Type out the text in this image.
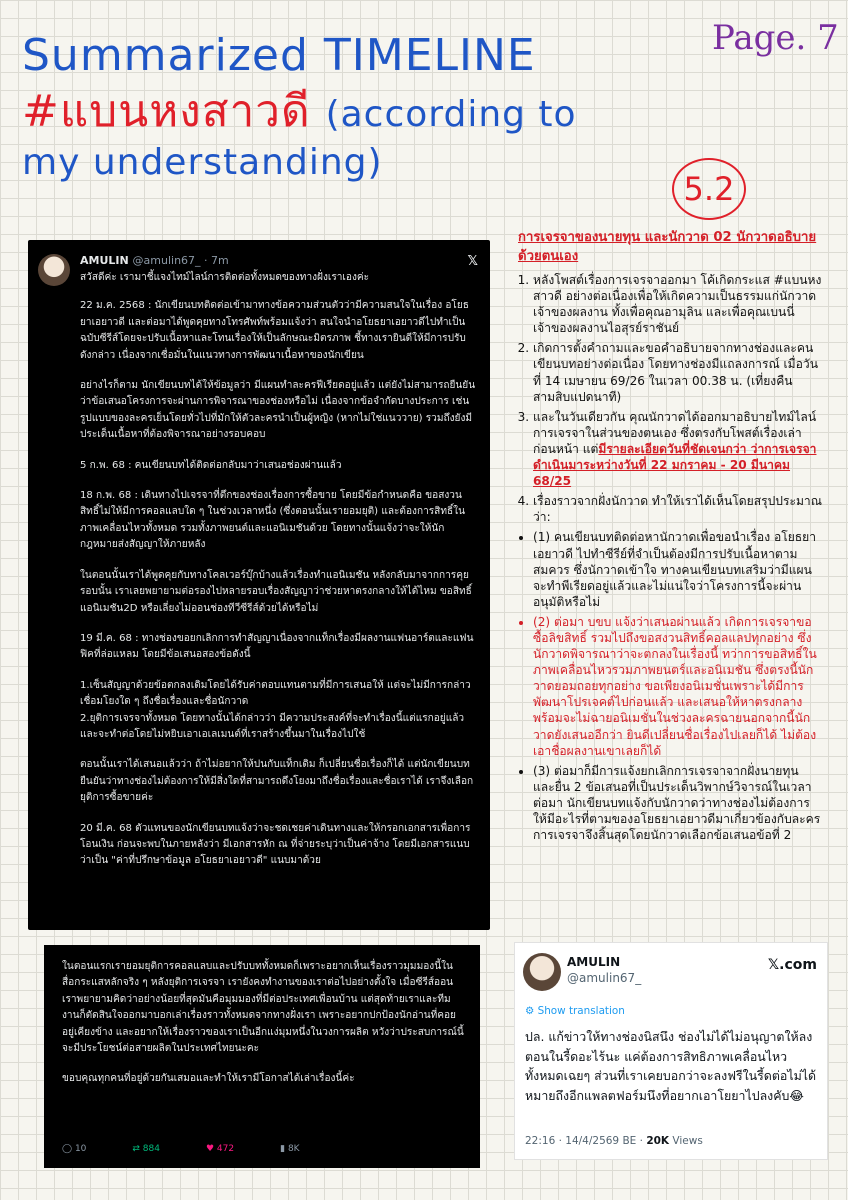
Summarized TIMELINE
#แบนหงสาวดี (according to
my understanding)
Page. 7
5.2
AMULIN @amulin67_ · 7m	𝕏

สวัสดีค่ะ เรามาชี้แจงไทม์ไลน์การติดต่อทั้งหมดของทางฝั่งเราเองค่ะ

22 ม.ค. 2568 : นักเขียนบทติดต่อเข้ามาทางข้อความส่วนตัวว่ามีความสนใจในเรื่อง อโยธยาเอยาวดี และต่อมาได้พูดคุยทางโทรศัพท์พร้อมแจ้งว่า สนใจนำอโยธยาเอยาวดีไปทำเป็นฉบับซีรีส์โดยจะปรับเนื้อหาและโทนเรื่องให้เป็นลักษณะมิตรภาพ ชี้ทางเรายินดีให้มีการปรับดังกล่าว เนื่องจากเชื่อมั่นในแนวทางการพัฒนาเนื้อหาของนักเขียน

อย่างไรก็ตาม นักเขียนบทได้ให้ข้อมูลว่า มีแผนทำละครฟีเรียดอยู่แล้ว แต่ยังไม่สามารถยืนยันว่าข้อเสนอโครงการจะผ่านการพิจารณาของช่องหรือไม่ เนื่องจากข้อจำกัดบางประการ เช่น รูปแบบของละครเย็นโดยทั่วไปที่มักให้ตัวละครนำเป็นผู้หญิง (หากไม่ใช่แนววาย) รวมถึงยังมีประเด็นเนื้อหาที่ต้องพิจารณาอย่างรอบคอบ

5 ก.พ. 68 : คนเขียนบทได้ติดต่อกลับมาว่าเสนอช่องผ่านแล้ว

18 ก.พ. 68 : เดินทางไปเจรจาที่ตึกของช่องเรื่องการซื้อขาย โดยมีข้อกำหนดคือ ขอสงวนสิทธิ์ไม่ให้มีการคอลแลบใด ๆ ในช่วงเวลาหนึ่ง (ซึ่งตอนนั้นเรายอมยุติ) และต้องการสิทธิ์ในภาพเคลื่อนไหวทั้งหมด รวมทั้งภาพยนต์และแอนิเมชันด้วย โดยทางนั้นแจ้งว่าจะให้นักกฎหมายส่งสัญญาให้ภายหลัง

ในตอนนั้นเราได้พูดคุยกับทางโคลเวอร์บุ๊กบ้างแล้วเรื่องทำแอนิเมชัน หลังกลับมาจากการคุยรอบนั้น เราเลยพยายามต่อรองไปหลายรอบเรื่องสัญญาว่าช่วยหาตรงกลางให้ได้ไหม ขอสิทธิ์แอนิเมชัน2D หรือเลี่ยงไม่ออนช่องทีวีซีรีส์ด้วยได้หรือไม่

19 มี.ค. 68 : ทางช่องขอยกเลิกการทำสัญญาเนื่องจากแท็กเรื่องมีผลงานแฟนอาร์ตและแฟนฟิคที่ล่อแหลม โดยมีข้อเสนอสองข้อดังนี้

1.เซ็นสัญญาด้วยข้อตกลงเดิมโดยได้รับค่าตอบแทนตามที่มีการเสนอให้ แต่จะไม่มีการกล่าวเชื่อมโยงใด ๆ ถึงชื่อเรื่องและชื่อนักวาด
2.ยุติการเจรจาทั้งหมด โดยทางนั้นได้กล่าวว่า มีความประสงค์ที่จะทำเรื่องนี้แต่แรกอยู่แล้ว และจะทำต่อโดยไม่หยิบเอาเอเลเมนต์ที่เราสร้างขึ้นมาในเรื่องไปใช้

ตอนนั้นเราได้เสนอแล้วว่า ถ้าไม่อยากให้ปนกับแท็กเดิม ก็เปลี่ยนชื่อเรื่องก็ได้ แต่นักเขียนบทยืนยันว่าทางช่องไม่ต้องการให้มีสิ่งใดที่สามารถดึงโยงมาถึงชื่อเรื่องและชื่อเราได้ เราจึงเลือกยุติการซื้อขายค่ะ

20 มี.ค. 68 ตัวแทนของนักเขียนบทแจ้งว่าจะชดเชยค่าเดินทางและให้กรอกเอกสารเพื่อการโอนเงิน ก่อนจะพบในภายหลังว่า มีเอกสารหัก ณ ที่จ่ายระบุว่าเป็นค่าจ้าง โดยมีเอกสารแนบว่าเป็น "ค่าที่ปรึกษาข้อมูล อโยธยาเอยาวดี" แนบมาด้วย

การเจรจาของนายทุน และนักวาด 02 นักวาดอธิบายด้วยตนเอง
1. หลังโพสต์เรื่องการเจรจาออกมา โค้เกิดกระแส #แบนหงสาวดี อย่างต่อเนื่องเพื่อให้เกิดความเป็นธรรมแก่นักวาดเจ้าของผลงาน ทั้งเพื่อคุณอามุลิน และเพื่อคุณเบนนี่ เจ้าของผลงานไอสุรย์ราชันย์
2. เกิดการตั้งคำถามและขอคำอธิบายจากทางช่องและคนเขียนบทอย่างต่อเนื่อง โดยทางช่องมีแถลงการณ์ เมื่อวันที่ 14 เมษายน 69/26 ในเวลา 00.38 น. (เที่ยงคืน สามสิบแปดนาที)
3. และในวันเดียวกัน คุณนักวาดได้ออกมาอธิบายไทม์ไลน์การเจรจาในส่วนของตนเอง ซึ่งตรงกับโพสต์เรื่องเล่าก่อนหน้า แต่มีรายละเอียดวันที่ชัดเจนกว่า ว่าการเจรจาดำเนินมาระหว่างวันที่ 22 มกราคม - 20 มีนาคม 68/25
4. เรื่องราวจากฝั่งนักวาด ทำให้เราได้เห็นโดยสรุปประมาณว่า:
• (1) คนเขียนบทติดต่อหานักวาดเพื่อขอนำเรื่อง อโยธยาเอยาวดี ไปทำซีรีย์ที่จำเป็นต้องมีการปรับเนื้อหาตามสมควร ซึ่งนักวาดเข้าใจ ทางคนเขียนบทเสริมว่ามีแผนจะทำพีเรียดอยู่แล้วและไม่แน่ใจว่าโครงการนี้จะผ่านอนุมัติหรือไม่
• (2) ต่อมา บขบ แจ้งว่าเสนอผ่านแล้ว เกิดการเจรจาขอซื้อลิขสิทธิ์ รวมไปถึงขอสงวนสิทธิ์คอลแลปทุกอย่าง ซึ่งนักวาดพิจารณาว่าจะตกลงในเรื่องนี้ ทว่าการขอสิทธิ์ในภาพเคลื่อนไหวรวมภาพยนตร์และอนิเมชัน ซึ่งตรงนี้นักวาดยอมถอยทุกอย่าง ขอเพียงอนิเมชั่นเพราะได้มีการพัฒนาโปรเจคต์ไปก่อนแล้ว และเสนอให้หาตรงกลางพร้อมจะไม่ฉายอนิเมชั่นในช่วงละครฉายนอกจากนี้นักวาดยังเสนออีกว่า ยินดีเปลี่ยนชื่อเรื่องไปเลยก็ได้ ไม่ต้องเอาชื่อผลงานเขาเลยก็ได้
• (3) ต่อมาก็มีการแจ้งยกเลิกการเจรจาจากฝั่งนายทุน และยื่น 2 ข้อเสนอที่เป็นประเด็นวิพากษ์วิจารณ์ในเวลาต่อมา นักเขียนบทแจ้งกับนักวาดว่าทางช่องไม่ต้องการให้มีอะไรที่ตามของอโยธยาเอยาวดีมาเกี่ยวข้องกับละคร การเจรจาจึงสิ้นสุดโดยนักวาดเลือกข้อเสนอข้อที่ 2

ในตอนแรกเรายอมยุติการคอลแลบและปรับบททั้งหมดก็เพราะอยากเห็นเรื่องราวมุมมองนี้ในสื่อกระแสหลักจริง ๆ หลังยุติการเจรจา เรายังคงทำงานของเราต่อไปอย่างตั้งใจ เมื่อซีรีส์ออน เราพยายามคิดว่าอย่างน้อยที่สุดมันคือมุมมองที่มีต่อประเทศเพื่อนบ้าน แต่สุดท้ายเราและทีมงานก็ตัดสินใจออกมาบอกเล่าเรื่องราวทั้งหมดจากทางฝั่งเรา เพราะอยากปกป้องนักอ่านที่คอยอยู่เคียงข้าง และอยากให้เรื่องราวของเราเป็นอีกแง่มุมหนึ่งในวงการผลิต หวังว่าประสบการณ์นี้จะมีประโยชน์ต่อสายผลิตในประเทศไทยนะคะ

ขอบคุณทุกคนที่อยู่ด้วยกันเสมอและทำให้เรามีโอกาสได้เล่าเรื่องนี้ค่ะ

◯ 10	⇄ 884	♥ 472	▮ 8K
AMULIN
@amulin67_
𝕏.com
⚙ Show translation
ปล. แก้ข่าวให้ทางช่องนิสนึง ช่องไม่ได้ไม่อนุญาตให้ลงตอนในรี้ดอะไร้นะ แค่ต้องการสิทธิภาพเคลื่อนไหวทั้งหมดเฉยๆ ส่วนที่เราเคยบอกว่าจะลงฟรีในรี้ดต่อไม่ได้ หมายถึงอีกแพลตฟอร์มนึงที่อยากเอาโยยาไปลงคับ😂
22:16 · 14/4/2569 BE · 20K Views
